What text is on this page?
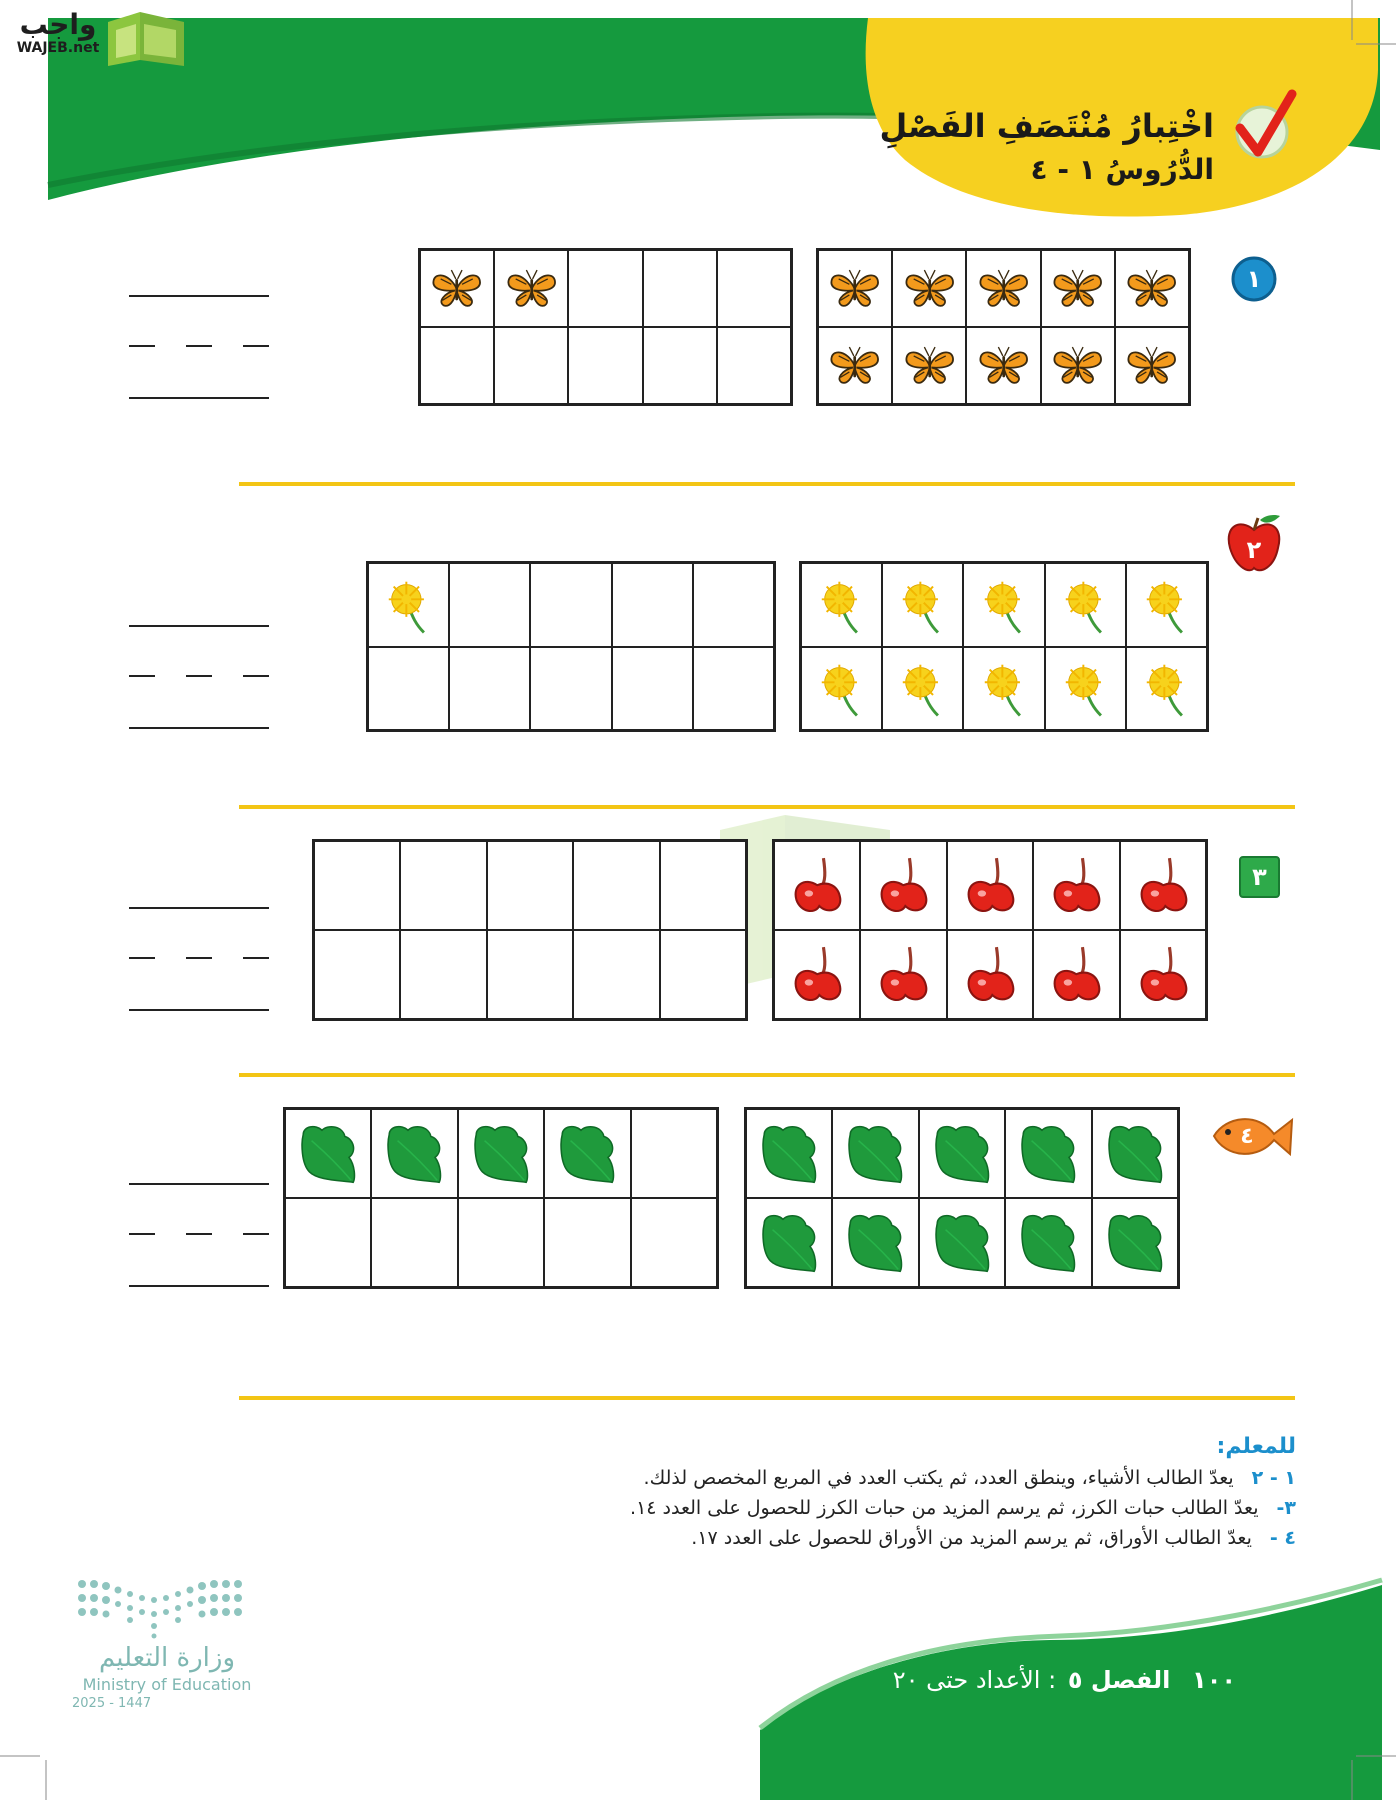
واجب
WAJEB.net
اخْتِبارُ مُنْتَصَفِ الفَصْلِ
الدُّرُوسُ ١ - ٤
١
٢
٣
٤
للمعلم:
١ - ٢يعدّ الطالب الأشياء، وينطق العدد، ثم يكتب العدد في المربع المخصص لذلك.
٣-يعدّ الطالب حبات الكرز، ثم يرسم المزيد من حبات الكرز للحصول على العدد ١٤.
٤ -يعدّ الطالب الأوراق، ثم يرسم المزيد من الأوراق للحصول على العدد ١٧.
١٠٠ الفصل ٥ : الأعداد حتى ٢٠
وزارة التعليم
Ministry of Education
2025 - 1447
